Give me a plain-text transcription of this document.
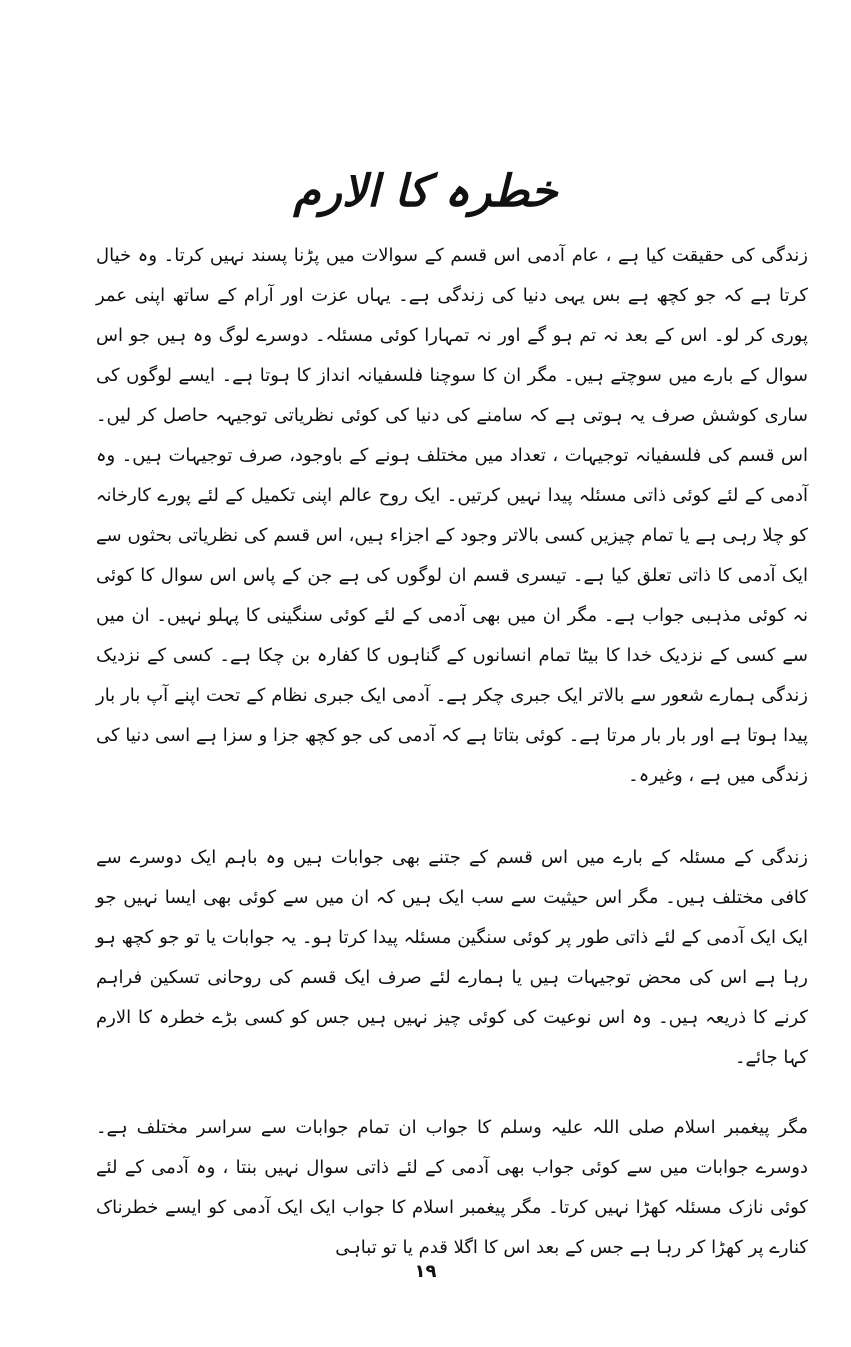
خطرہ کا الارم

زندگی کی حقیقت کیا ہے ، عام آدمی اس قسم کے سوالات میں پڑنا پسند نہیں کرتا۔ وہ خیال کرتا ہے کہ جو کچھ ہے بس یہی دنیا کی زندگی ہے۔ یہاں عزت اور آرام کے ساتھ اپنی عمر پوری کر لو۔ اس کے بعد نہ تم ہو گے اور نہ تمہارا کوئی مسئلہ۔ دوسرے لوگ وہ ہیں جو اس سوال کے بارے میں سوچتے ہیں۔ مگر ان کا سوچنا فلسفیانہ انداز کا ہوتا ہے۔ ایسے لوگوں کی ساری کوشش صرف یہ ہوتی ہے کہ سامنے کی دنیا کی کوئی نظریاتی توجیہہ حاصل کر لیں۔ اس قسم کی فلسفیانہ توجیہات ، تعداد میں مختلف ہونے کے باوجود، صرف توجیہات ہیں۔ وہ آدمی کے لئے کوئی ذاتی مسئلہ پیدا نہیں کرتیں۔ ایک روح عالم اپنی تکمیل کے لئے پورے کارخانہ کو چلا رہی ہے یا تمام چیزیں کسی بالاتر وجود کے اجزاء ہیں، اس قسم کی نظریاتی بحثوں سے ایک آدمی کا ذاتی تعلق کیا ہے۔ تیسری قسم ان لوگوں کی ہے جن کے پاس اس سوال کا کوئی نہ کوئی مذہبی جواب ہے۔ مگر ان میں بھی آدمی کے لئے کوئی سنگینی کا پہلو نہیں۔ ان میں سے کسی کے نزدیک خدا کا بیٹا تمام انسانوں کے گناہوں کا کفارہ بن چکا ہے۔ کسی کے نزدیک زندگی ہمارے شعور سے بالاتر ایک جبری چکر ہے۔ آدمی ایک جبری نظام کے تحت اپنے آپ بار بار پیدا ہوتا ہے اور بار بار مرتا ہے۔ کوئی بتاتا ہے کہ آدمی کی جو کچھ جزا و سزا ہے اسی دنیا کی زندگی میں ہے ، وغیرہ۔

زندگی کے مسئلہ کے بارے میں اس قسم کے جتنے بھی جوابات ہیں وہ باہم ایک دوسرے سے کافی مختلف ہیں۔ مگر اس حیثیت سے سب ایک ہیں کہ ان میں سے کوئی بھی ایسا نہیں جو ایک ایک آدمی کے لئے ذاتی طور پر کوئی سنگین مسئلہ پیدا کرتا ہو۔ یہ جوابات یا تو جو کچھ ہو رہا ہے اس کی محض توجیہات ہیں یا ہمارے لئے صرف ایک قسم کی روحانی تسکین فراہم کرنے کا ذریعہ ہیں۔ وہ اس نوعیت کی کوئی چیز نہیں ہیں جس کو کسی بڑے خطرہ کا الارم کہا جائے۔

مگر پیغمبر اسلام صلی اللہ علیہ وسلم کا جواب ان تمام جوابات سے سراسر مختلف ہے۔ دوسرے جوابات میں سے کوئی جواب بھی آدمی کے لئے ذاتی سوال نہیں بنتا ، وہ آدمی کے لئے کوئی نازک مسئلہ کھڑا نہیں کرتا۔ مگر پیغمبر اسلام کا جواب ایک ایک آدمی کو ایسے خطرناک کنارے پر کھڑا کر رہا ہے جس کے بعد اس کا اگلا قدم یا تو تباہی

۱۹
